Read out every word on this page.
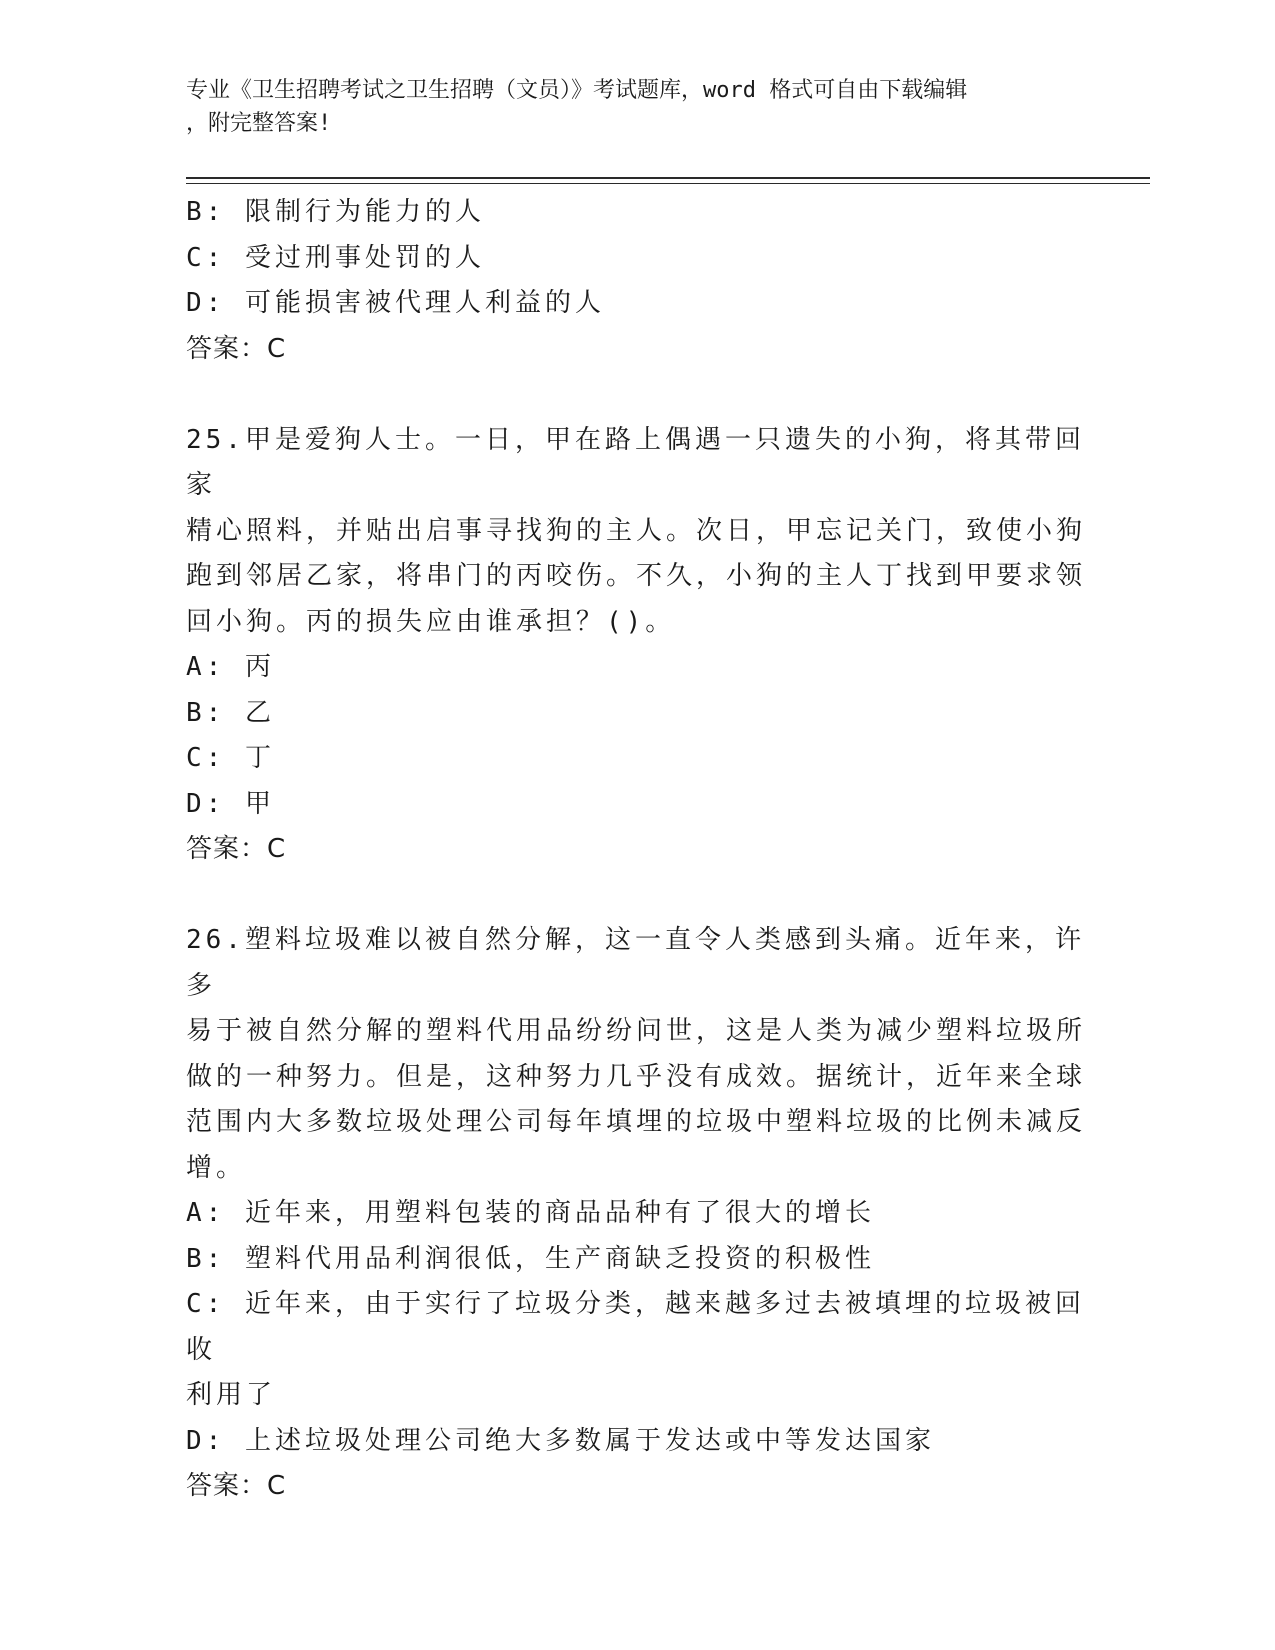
专业《卫生招聘考试之卫生招聘（文员）》考试题库，word 格式可自由下载编辑
，附完整答案!
B: 限制行为能力的人
C: 受过刑事处罚的人
D: 可能损害被代理人利益的人
答案：C
25.甲是爱狗人士。一日，甲在路上偶遇一只遗失的小狗，将其带回家
精心照料，并贴出启事寻找狗的主人。次日，甲忘记关门，致使小狗
跑到邻居乙家，将串门的丙咬伤。不久，小狗的主人丁找到甲要求领
回小狗。丙的损失应由谁承担？()。
A: 丙
B: 乙
C: 丁
D: 甲
答案：C
26.塑料垃圾难以被自然分解，这一直令人类感到头痛。近年来，许多
易于被自然分解的塑料代用品纷纷问世，这是人类为减少塑料垃圾所
做的一种努力。但是，这种努力几乎没有成效。据统计，近年来全球
范围内大多数垃圾处理公司每年填埋的垃圾中塑料垃圾的比例未减反
增。
A: 近年来，用塑料包装的商品品种有了很大的增长
B: 塑料代用品利润很低，生产商缺乏投资的积极性
C: 近年来，由于实行了垃圾分类，越来越多过去被填埋的垃圾被回收
利用了
D: 上述垃圾处理公司绝大多数属于发达或中等发达国家
答案：C
